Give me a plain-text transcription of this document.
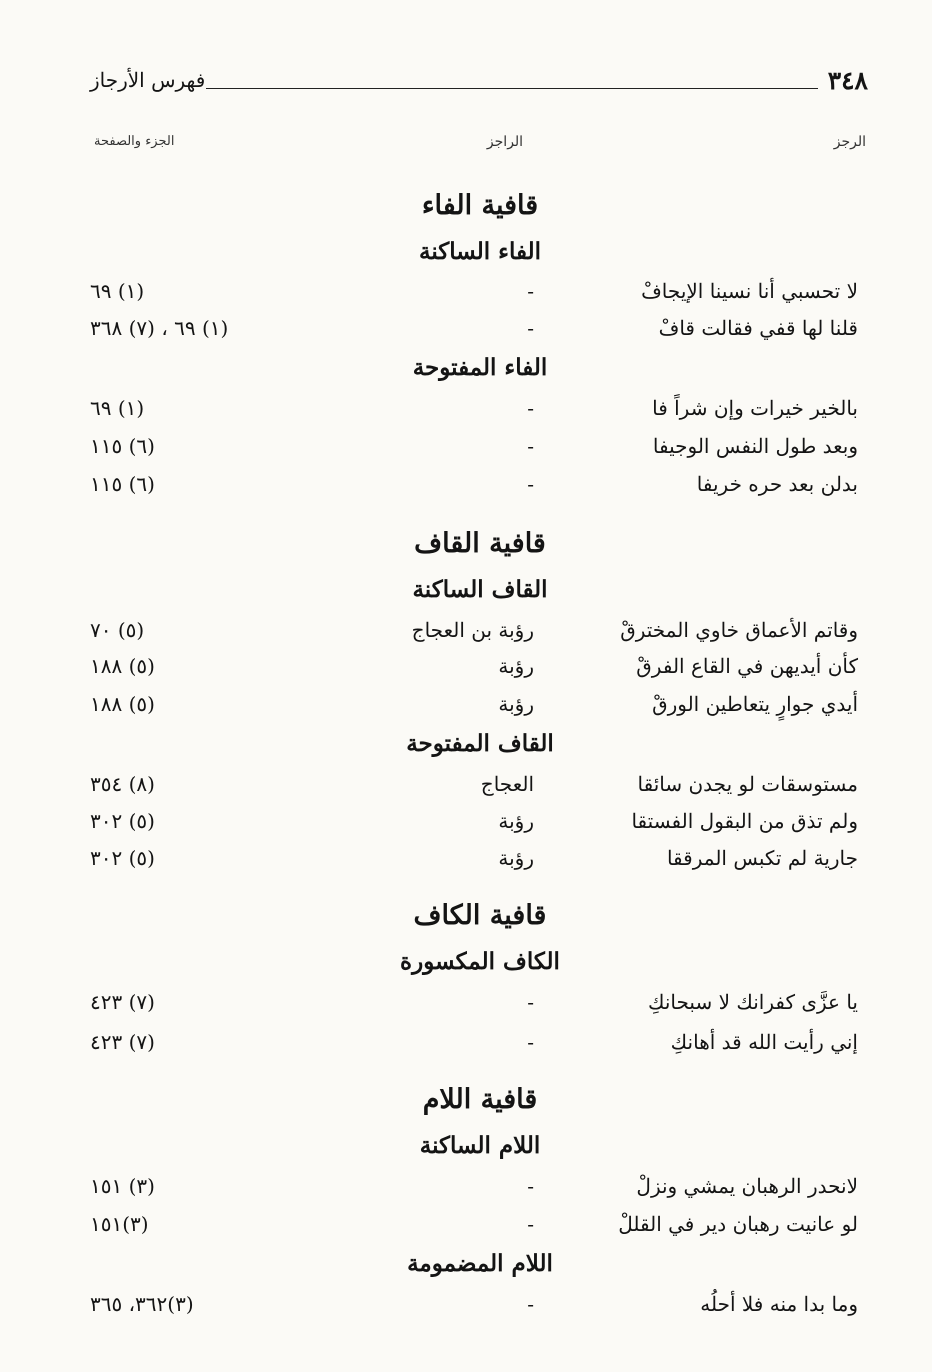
٣٤٨
فهرس الأرجاز
الرجز
الراجز
الجزء والصفحة
قافية الفاء
الفاء الساكنة
لا تحسبي أنا نسينا الإيجافْ
-
(١) ٦٩
قلنا لها قفي فقالت قافْ
-
(١) ٦٩ ، (٧) ٣٦٨
الفاء المفتوحة
بالخير خيرات وإن شراً فا
-
(١) ٦٩
وبعد طول النفس الوجيفا
-
(٦) ١١٥
بدلن بعد حره خريفا
-
(٦) ١١٥
قافية القاف
القاف الساكنة
وقاتم الأعماق خاوي المخترقْ
رؤبة بن العجاج
(٥) ٧٠
كأن أيديهن في القاع الفرقْ
رؤبة
(٥) ١٨٨
أيدي جوارٍ يتعاطين الورقْ
رؤبة
(٥) ١٨٨
القاف المفتوحة
مستوسقات لو يجدن سائقا
العجاج
(٨) ٣٥٤
ولم تذق من البقول الفستقا
رؤبة
(٥) ٣٠٢
جارية لم تكبس المرققا
رؤبة
(٥) ٣٠٢
قافية الكاف
الكاف المكسورة
يا عزَّى كفرانك لا سبحانكِ
-
(٧) ٤٢٣
إني رأيت الله قد أهانكِ
-
(٧) ٤٢٣
قافية اللام
اللام الساكنة
لانحدر الرهبان يمشي ونزلْ
-
(٣) ١٥١
لو عانيت رهبان دير في القللْ
-
(٣)١٥١
اللام المضمومة
وما بدا منه فلا أحلُه
-
(٣)٣٦٢، ٣٦٥
